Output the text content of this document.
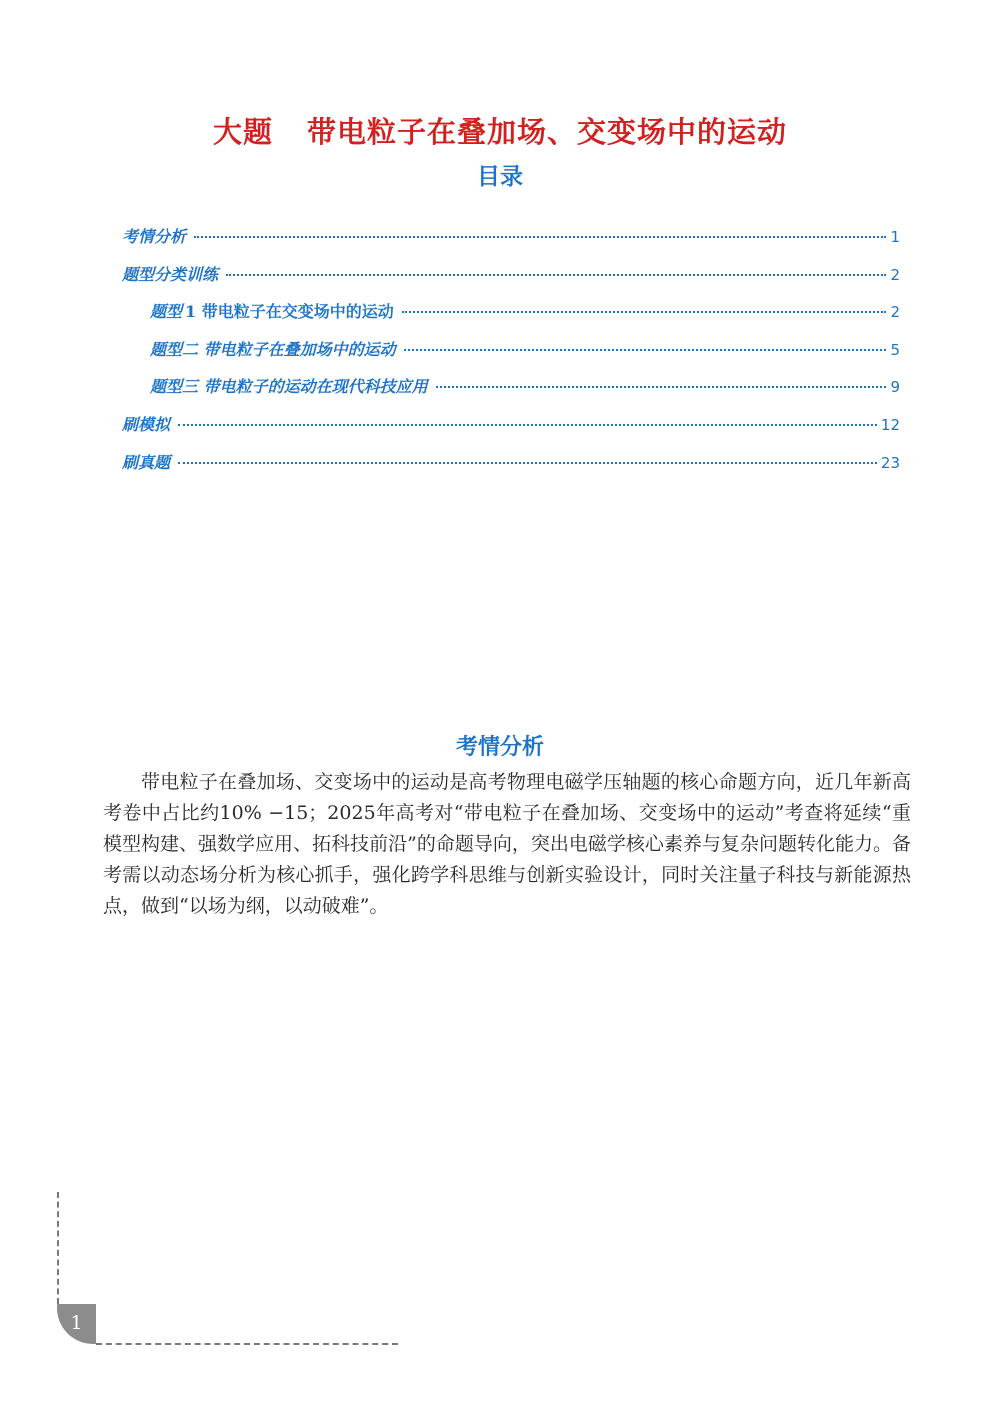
大题 带电粒子在叠加场、交变场中的运动
目录
考情分析	1
题型分类训练	2
题型 1 带电粒子在交变场中的运动	2
题型二 带电粒子在叠加场中的运动	5
题型三 带电粒子的运动在现代科技应用	9
刷模拟	12
刷真题	23
考情分析

带电粒子在叠加场、交变场中的运动是高考物理电磁学压轴题的核心命题方向，近几年新高考卷中占比约10% −15；2025年高考对“带电粒子在叠加场、交变场中的运动”考查将延续“重模型构建、强数学应用、拓科技前沿”的命题导向，突出电磁学核心素养与复杂问题转化能力。备考需以动态场分析为核心抓手，强化跨学科思维与创新实验设计，同时关注量子科技与新能源热点，做到“以场为纲，以动破难”。

1
